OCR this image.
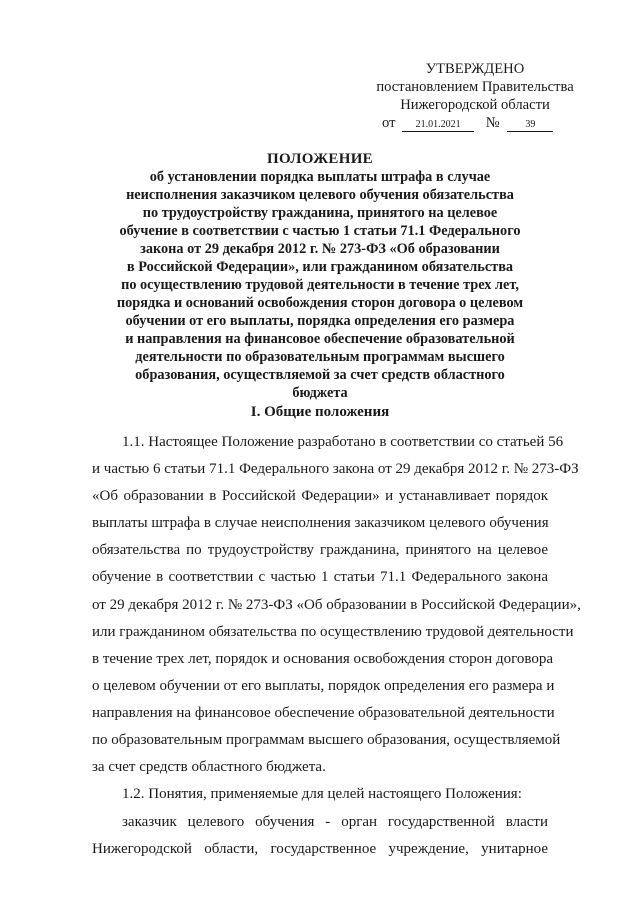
УТВЕРЖДЕНО
постановлением Правительства
Нижегородской области
от 21.01.2021 №	39
ПОЛОЖЕНИЕ
об установлении порядка выплаты штрафа в случае
неисполнения заказчиком целевого обучения обязательства
по трудоустройству гражданина, принятого на целевое
обучение в соответствии с частью 1 статьи 71.1 Федерального
закона от 29 декабря 2012 г. № 273-ФЗ «Об образовании
в Российской Федерации», или гражданином обязательства
по осуществлению трудовой деятельности в течение трех лет,
порядка и оснований освобождения сторон договора о целевом
обучении от его выплаты, порядка определения его размера
и направления на финансовое обеспечение образовательной
деятельности по образовательным программам высшего
образования, осуществляемой за счет средств областного
бюджета
I. Общие положения
1.1. Настоящее Положение разработано в соответствии со статьей 56
и частью 6 статьи 71.1 Федерального закона от 29 декабря 2012 г. № 273-ФЗ
«Об образовании в Российской Федерации» и устанавливает порядок
выплаты штрафа в случае неисполнения заказчиком целевого обучения
обязательства по трудоустройству гражданина, принятого на целевое
обучение в соответствии с частью 1 статьи 71.1 Федерального закона
от 29 декабря 2012 г. № 273-ФЗ «Об образовании в Российской Федерации»,
или гражданином обязательства по осуществлению трудовой деятельности
в течение трех лет, порядок и основания освобождения сторон договора
о целевом обучении от его выплаты, порядок определения его размера и
направления на финансовое обеспечение образовательной деятельности
по образовательным программам высшего образования, осуществляемой
за счет средств областного бюджета.
1.2. Понятия, применяемые для целей настоящего Положения:
заказчик целевого обучения - орган государственной власти
Нижегородской области, государственное учреждение, унитарное
